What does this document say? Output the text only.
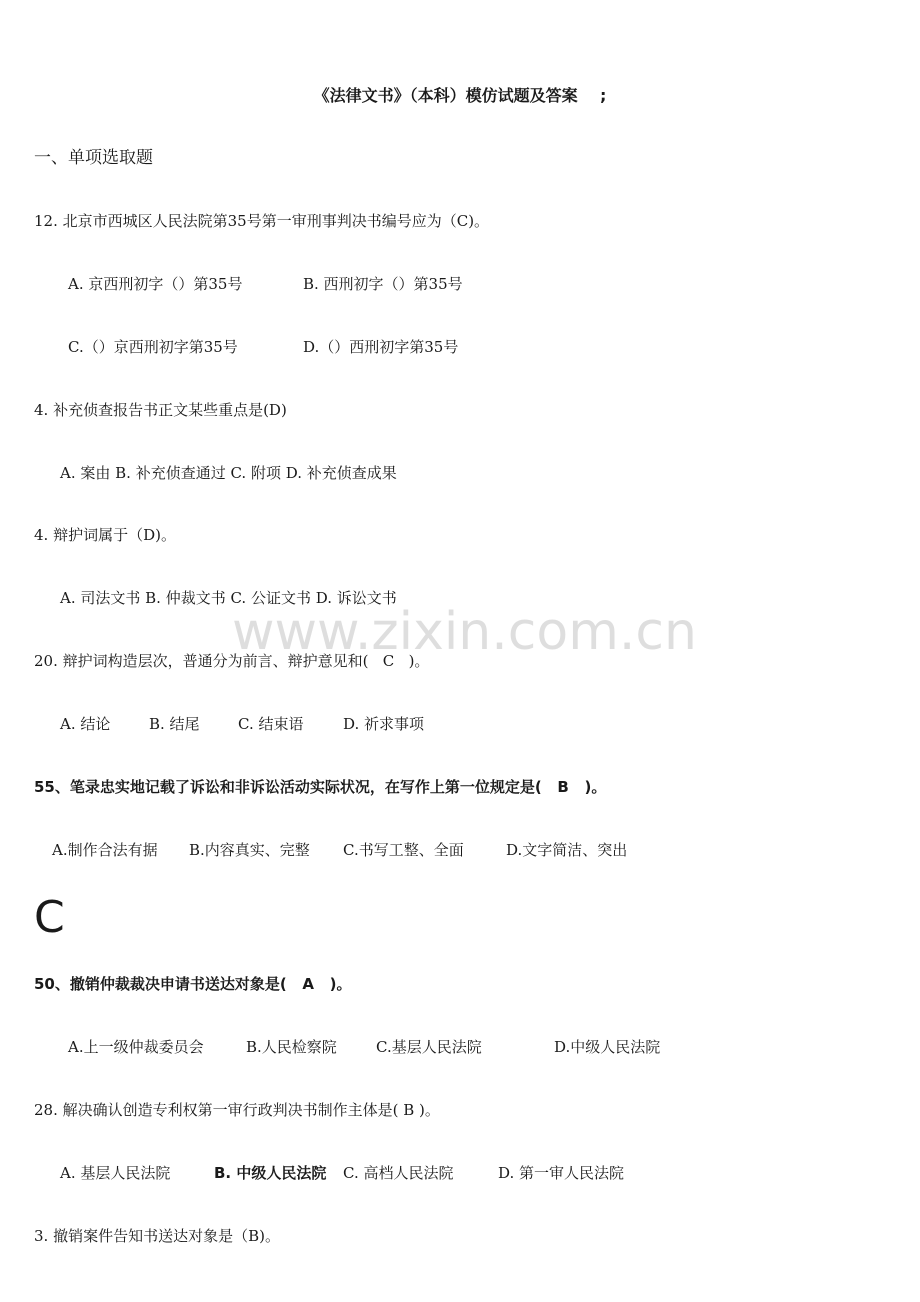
www.zixin.com.cn
《法律文书》（本科）模仿试题及答案    ;
一、单项选取题
12. 北京市西城区人民法院第35号第一审刑事判决书编号应为（C)。
A. 京西刑初字（）第35号	B. 西刑初字（）第35号
C.（）京西刑初字第35号	D.（）西刑初字第35号
4. 补充侦查报告书正文某些重点是(D)
A. 案由 B. 补充侦查通过 C. 附项 D. 补充侦查成果
4. 辩护词属于（D)。
A. 司法文书 B. 仲裁文书 C. 公证文书 D. 诉讼文书
20. 辩护词构造层次，普通分为前言、辩护意见和(   C   )。
A. 结论	B. 结尾	C. 结束语	D. 祈求事项
55、笔录忠实地记载了诉讼和非诉讼活动实际状况，在写作上第一位规定是(   B   )。
A.制作合法有据 B.内容真实、完整 C.书写工整、全面	D.文字简洁、突出
C
50、撤销仲裁裁决申请书送达对象是(   A   )。
A.上一级仲裁委员会	B.人民检察院	C.基层人民法院	D.中级人民法院
28. 解决确认创造专利权第一审行政判决书制作主体是( B )。
A. 基层人民法院	B. 中级人民法院 C. 高档人民法院	D. 第一审人民法院
3. 撤销案件告知书送达对象是（B)。
